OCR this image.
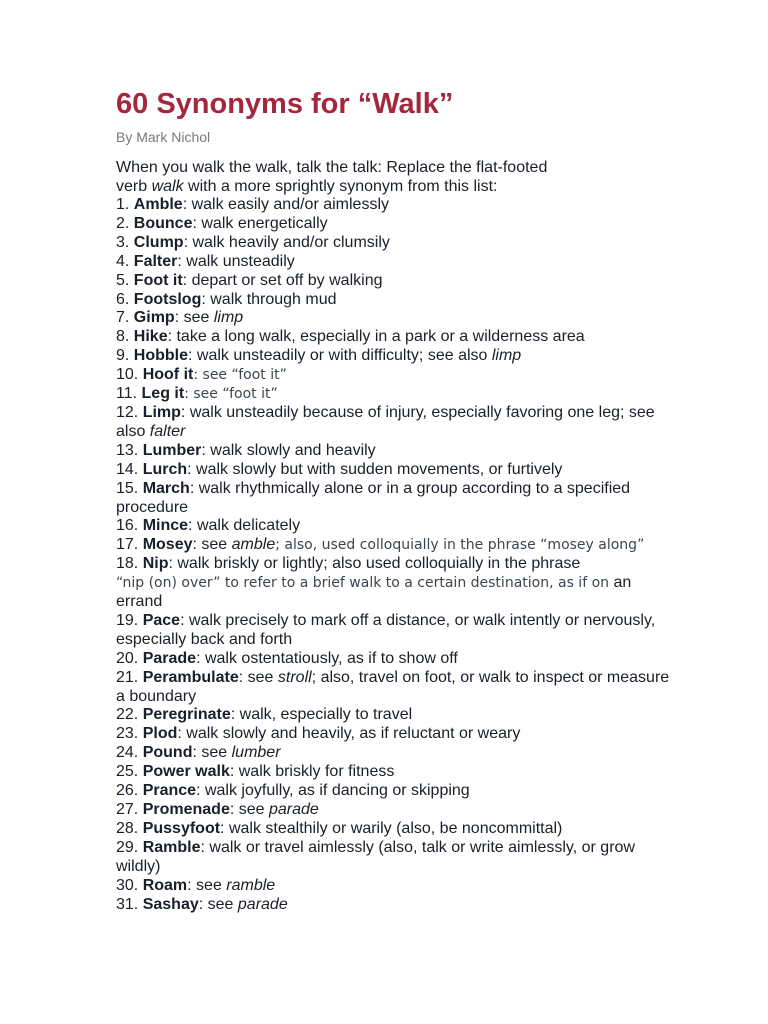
60 Synonyms for “Walk”
By Mark Nichol
When you walk the walk, talk the talk: Replace the flat-footed
verb walk with a more sprightly synonym from this list:
1. Amble: walk easily and/or aimlessly
2. Bounce: walk energetically
3. Clump: walk heavily and/or clumsily
4. Falter: walk unsteadily
5. Foot it: depart or set off by walking
6. Footslog: walk through mud
7. Gimp: see limp
8. Hike: take a long walk, especially in a park or a wilderness area
9. Hobble: walk unsteadily or with difficulty; see also limp
10. Hoof it: see “foot it”
11. Leg it: see “foot it”
12. Limp: walk unsteadily because of injury, especially favoring one leg; see also falter
13. Lumber: walk slowly and heavily
14. Lurch: walk slowly but with sudden movements, or furtively
15. March: walk rhythmically alone or in a group according to a specified procedure
16. Mince: walk delicately
17. Mosey: see amble; also, used colloquially in the phrase “mosey along”
18. Nip: walk briskly or lightly; also used colloquially in the phrase
“nip (on) over” to refer to a brief walk to a certain destination, as if on an errand
19. Pace: walk precisely to mark off a distance, or walk intently or nervously, especially back and forth
20. Parade: walk ostentatiously, as if to show off
21. Perambulate: see stroll; also, travel on foot, or walk to inspect or measure a boundary
22. Peregrinate: walk, especially to travel
23. Plod: walk slowly and heavily, as if reluctant or weary
24. Pound: see lumber
25. Power walk: walk briskly for fitness
26. Prance: walk joyfully, as if dancing or skipping
27. Promenade: see parade
28. Pussyfoot: walk stealthily or warily (also, be noncommittal)
29. Ramble: walk or travel aimlessly (also, talk or write aimlessly, or grow wildly)
30. Roam: see ramble
31. Sashay: see parade
